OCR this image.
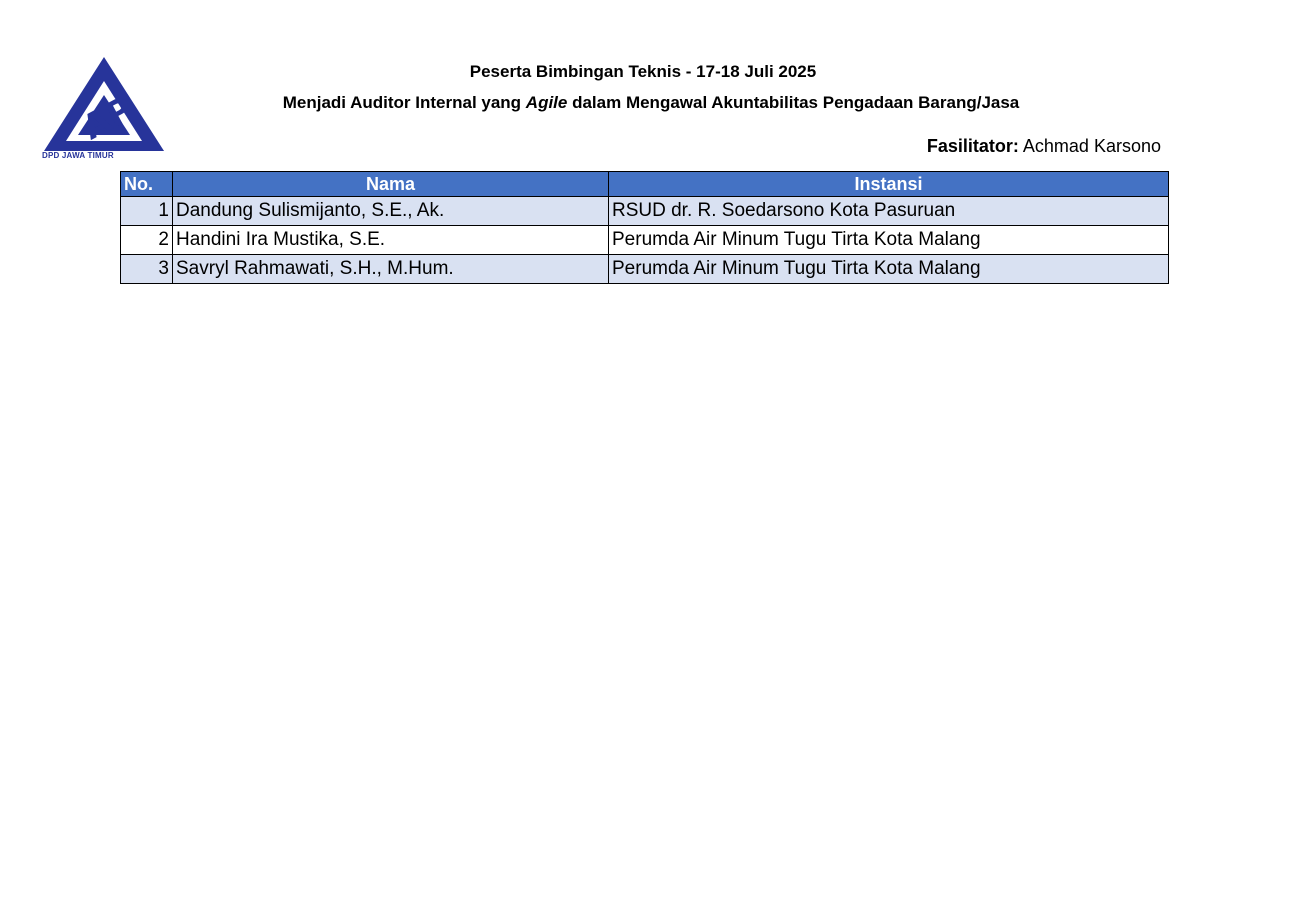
AP
DPD JAWA TIMUR
Peserta Bimbingan Teknis - 17-18 Juli 2025
Menjadi Auditor Internal yang Agile dalam Mengawal Akuntabilitas Pengadaan Barang/Jasa
Fasilitator: Achmad Karsono
No.	Nama	Instansi
1	Dandung Sulismijanto, S.E., Ak.	RSUD dr. R. Soedarsono Kota Pasuruan
2	Handini Ira Mustika, S.E.	Perumda Air Minum Tugu Tirta Kota Malang
3	Savryl Rahmawati, S.H., M.Hum.	Perumda Air Minum Tugu Tirta Kota Malang
